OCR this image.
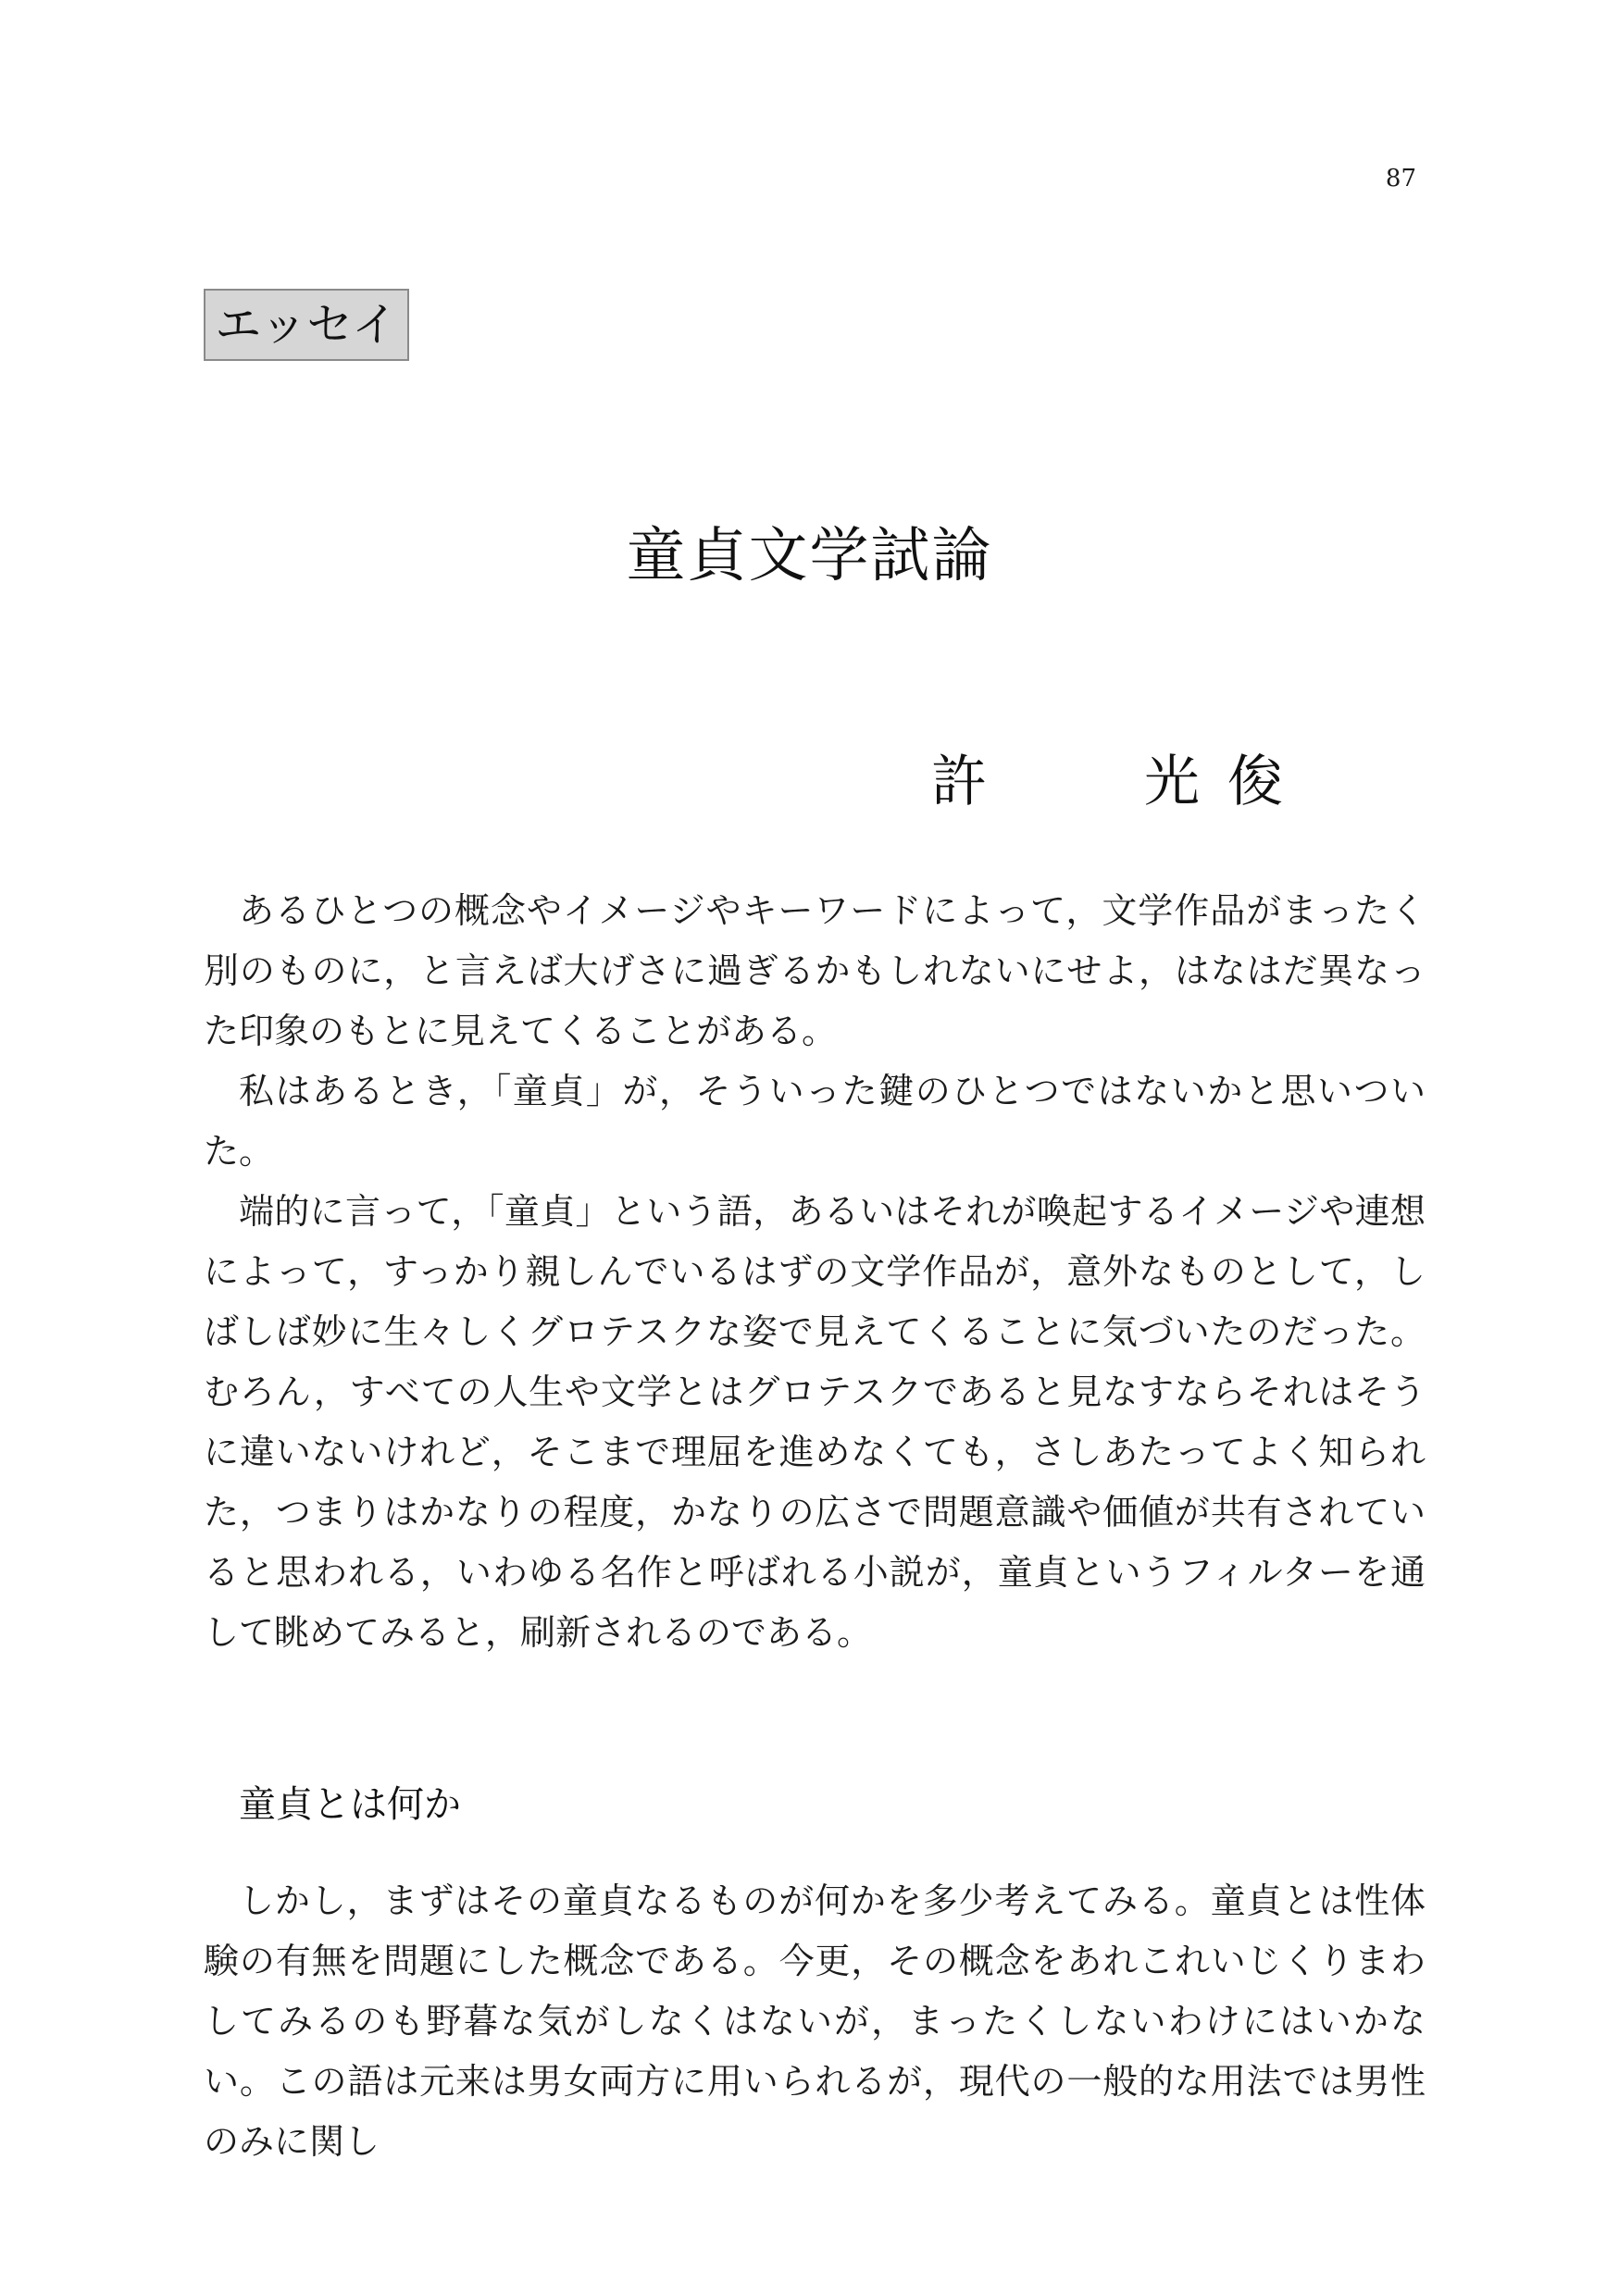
87
エッセイ
童貞文学試論
許	光俊

あるひとつの概念やイメージやキーワードによって，文学作品がまったく別のものに，と言えば大げさに過ぎるかもしれないにせよ，はなはだ異なった印象のもとに見えてくることがある。

私はあるとき，「童貞」が，そういった鍵のひとつではないかと思いついた。

端的に言って，「童貞」という語，あるいはそれが喚起するイメージや連想によって，すっかり親しんでいるはずの文学作品が，意外なものとして，しばしば妙に生々しくグロテスクな姿で見えてくることに気づいたのだった。むろん，すべての人生や文学とはグロテスクであると見なすならそれはそうに違いないけれど，そこまで理屈を進めなくても，さしあたってよく知られた，つまりはかなりの程度，かなりの広さで問題意識や価値が共有されていると思われる，いわゆる名作と呼ばれる小説が，童貞というフィルターを通して眺めてみると，刷新されるのである。

童貞とは何か

しかし，まずはその童貞なるものが何かを多少考えてみる。童貞とは性体験の有無を問題にした概念である。今更，その概念をあれこれいじくりまわしてみるのも野暮な気がしなくはないが，まったくしないわけにはいかない。この語は元来は男女両方に用いられるが，現代の一般的な用法では男性のみに関し
